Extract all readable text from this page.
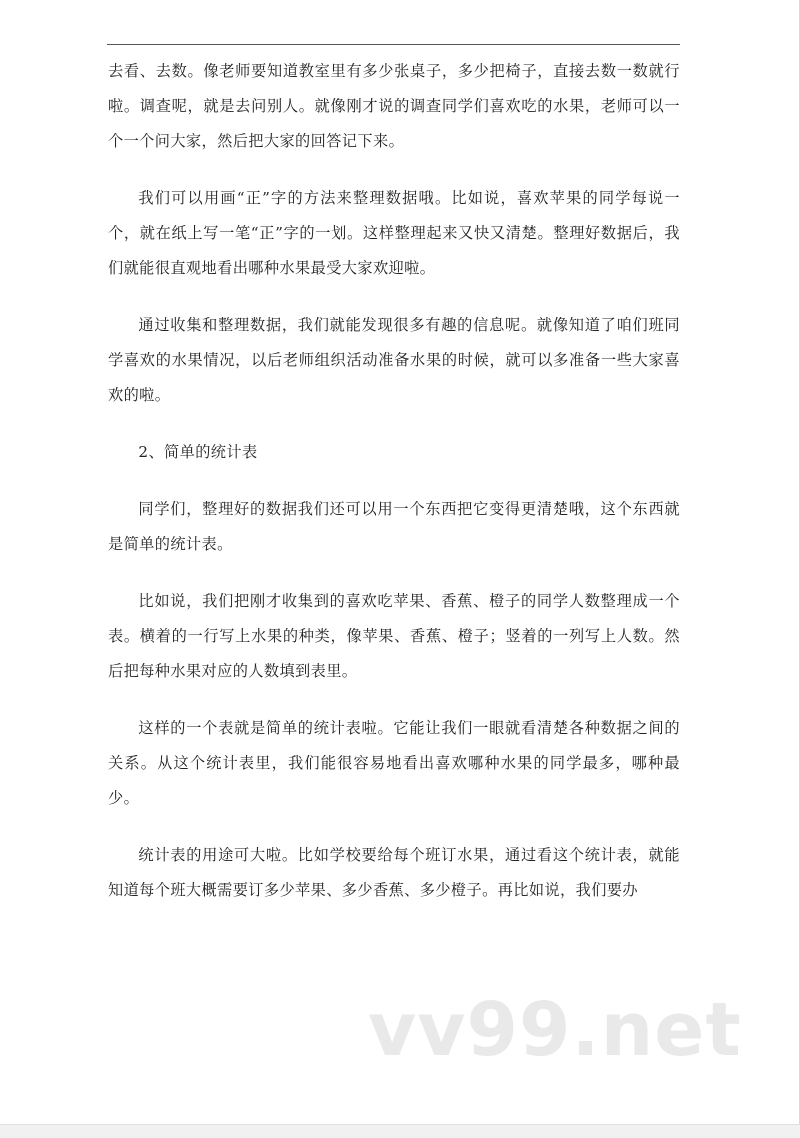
去看、去数。像老师要知道教室里有多少张桌子，多少把椅子，直接去数一数就行啦。调查呢，就是去问别人。就像刚才说的调查同学们喜欢吃的水果，老师可以一个一个问大家，然后把大家的回答记下来。

我们可以用画“正”字的方法来整理数据哦。比如说，喜欢苹果的同学每说一个，就在纸上写一笔“正”字的一划。这样整理起来又快又清楚。整理好数据后，我们就能很直观地看出哪种水果最受大家欢迎啦。

通过收集和整理数据，我们就能发现很多有趣的信息呢。就像知道了咱们班同学喜欢的水果情况，以后老师组织活动准备水果的时候，就可以多准备一些大家喜欢的啦。

2、简单的统计表

同学们，整理好的数据我们还可以用一个东西把它变得更清楚哦，这个东西就是简单的统计表。

比如说，我们把刚才收集到的喜欢吃苹果、香蕉、橙子的同学人数整理成一个表。横着的一行写上水果的种类，像苹果、香蕉、橙子；竖着的一列写上人数。然后把每种水果对应的人数填到表里。

这样的一个表就是简单的统计表啦。它能让我们一眼就看清楚各种数据之间的关系。从这个统计表里，我们能很容易地看出喜欢哪种水果的同学最多，哪种最少。

统计表的用途可大啦。比如学校要给每个班订水果，通过看这个统计表，就能知道每个班大概需要订多少苹果、多少香蕉、多少橙子。再比如说，我们要办

vv99.net
